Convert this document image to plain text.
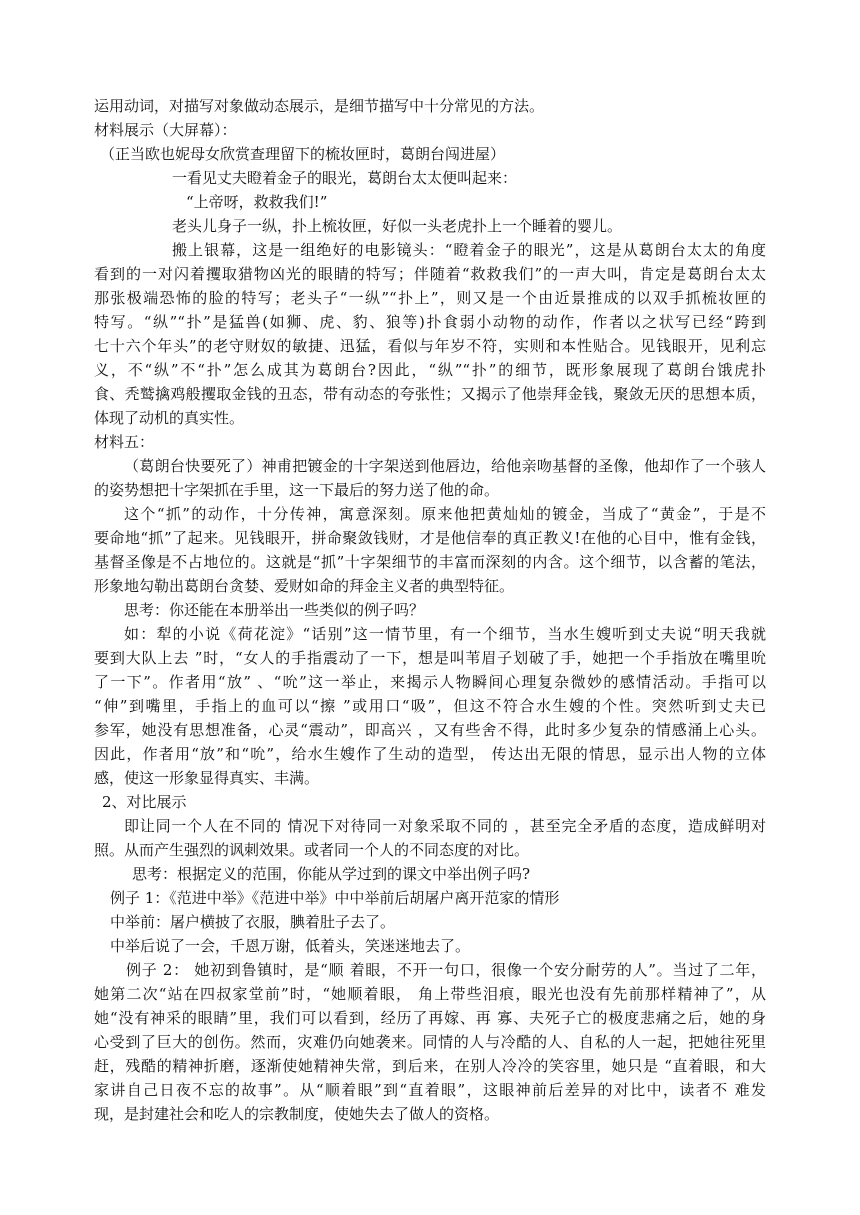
运用动词，对描写对象做动态展示，是细节描写中十分常见的方法。
材料展示（大屏幕）：
（正当欧也妮母女欣赏查理留下的梳妆匣时，葛朗台闯进屋）
一看见丈夫瞪着金子的眼光，葛朗台太太便叫起来：
“上帝呀，救救我们!”
老头儿身子一纵，扑上梳妆匣，好似一头老虎扑上一个睡着的婴儿。
搬上银幕，这是一组绝好的电影镜头：“瞪着金子的眼光”，这是从葛朗台太太的角度
看到的一对闪着攫取猎物凶光的眼睛的特写；伴随着“救救我们”的一声大叫，肯定是葛朗台太太
那张极端恐怖的脸的特写；老头子“一纵”“扑上”，则又是一个由近景推成的以双手抓梳妆匣的
特写。“纵”“扑”是猛兽(如狮、虎、豹、狼等)扑食弱小动物的动作，作者以之状写已经“跨到
七十六个年头”的老守财奴的敏捷、迅猛，看似与年岁不符，实则和本性贴合。见钱眼开，见利忘
义，不“纵”不“扑”怎么成其为葛朗台?因此，“纵”“扑”的细节，既形象展现了葛朗台饿虎扑
食、秃鹫擒鸡般攫取金钱的丑态，带有动态的夸张性；又揭示了他崇拜金钱，聚敛无厌的思想本质，
体现了动机的真实性。
材料五：
（葛朗台快要死了）神甫把镀金的十字架送到他唇边，给他亲吻基督的圣像，他却作了一个骇人
的姿势想把十字架抓在手里，这一下最后的努力送了他的命。
这个“抓”的动作，十分传神，寓意深刻。原来他把黄灿灿的镀金，当成了“黄金”，于是不
要命地“抓”了起来。见钱眼开，拼命聚敛钱财，才是他信奉的真正教义!在他的心目中，惟有金钱，
基督圣像是不占地位的。这就是“抓”十字架细节的丰富而深刻的内含。这个细节，以含蓄的笔法，
形象地勾勒出葛朗台贪婪、爱财如命的拜金主义者的典型特征。
思考：你还能在本册举出一些类似的例子吗？
如：犁的小说《荷花淀》“话别”这一情节里，有一个细节，当水生嫂听到丈夫说“明天我就
要到大队上去 ”时，“女人的手指震动了一下，想是叫苇眉子划破了手，她把一个手指放在嘴里吮
了一下”。作者用“放” 、“吮”这一举止，来揭示人物瞬间心理复杂微妙的感情活动。手指可以
“伸”到嘴里，手指上的血可以“擦 ”或用口“吸”，但这不符合水生嫂的个性。突然听到丈夫已
参军，她没有思想准备，心灵“震动”，即高兴 ，又有些舍不得，此时多少复杂的情感涌上心头。
因此，作者用“放”和“吮”，给水生嫂作了生动的造型， 传达出无限的情思，显示出人物的立体
感，使这一形象显得真实、丰满。
2、对比展示
即让同一个人在不同的 情况下对待同一对象采取不同的 ，甚至完全矛盾的态度，造成鲜明对
照。从而产生强烈的讽刺效果。或者同一个人的不同态度的对比。
思考：根据定义的范围，你能从学过到的课文中举出例子吗?
例子 1：《范进中举》《范进中举》中中举前后胡屠户离开范家的情形
中举前：屠户横披了衣服，腆着肚子去了。
中举后说了一会，千恩万谢，低着头，笑迷迷地去了。
例子 2： 她初到鲁镇时，是“顺 着眼，不开一句口，很像一个安分耐劳的人”。当过了二年，
她第二次“站在四叔家堂前”时，“她顺着眼， 角上带些泪痕，眼光也没有先前那样精神了”，从
她“没有神采的眼睛”里，我们可以看到，经历了再嫁、再 寡、夫死子亡的极度悲痛之后，她的身
心受到了巨大的创伤。然而，灾难仍向她袭来。同情的人与冷酷的人、自私的人一起，把她往死里
赶，残酷的精神折磨，逐渐使她精神失常，到后来，在别人冷冷的笑容里，她只是 “直着眼，和大
家讲自己日夜不忘的故事”。从“顺着眼”到“直着眼”，这眼神前后差异的对比中，读者不 难发
现，是封建社会和吃人的宗教制度，使她失去了做人的资格。
